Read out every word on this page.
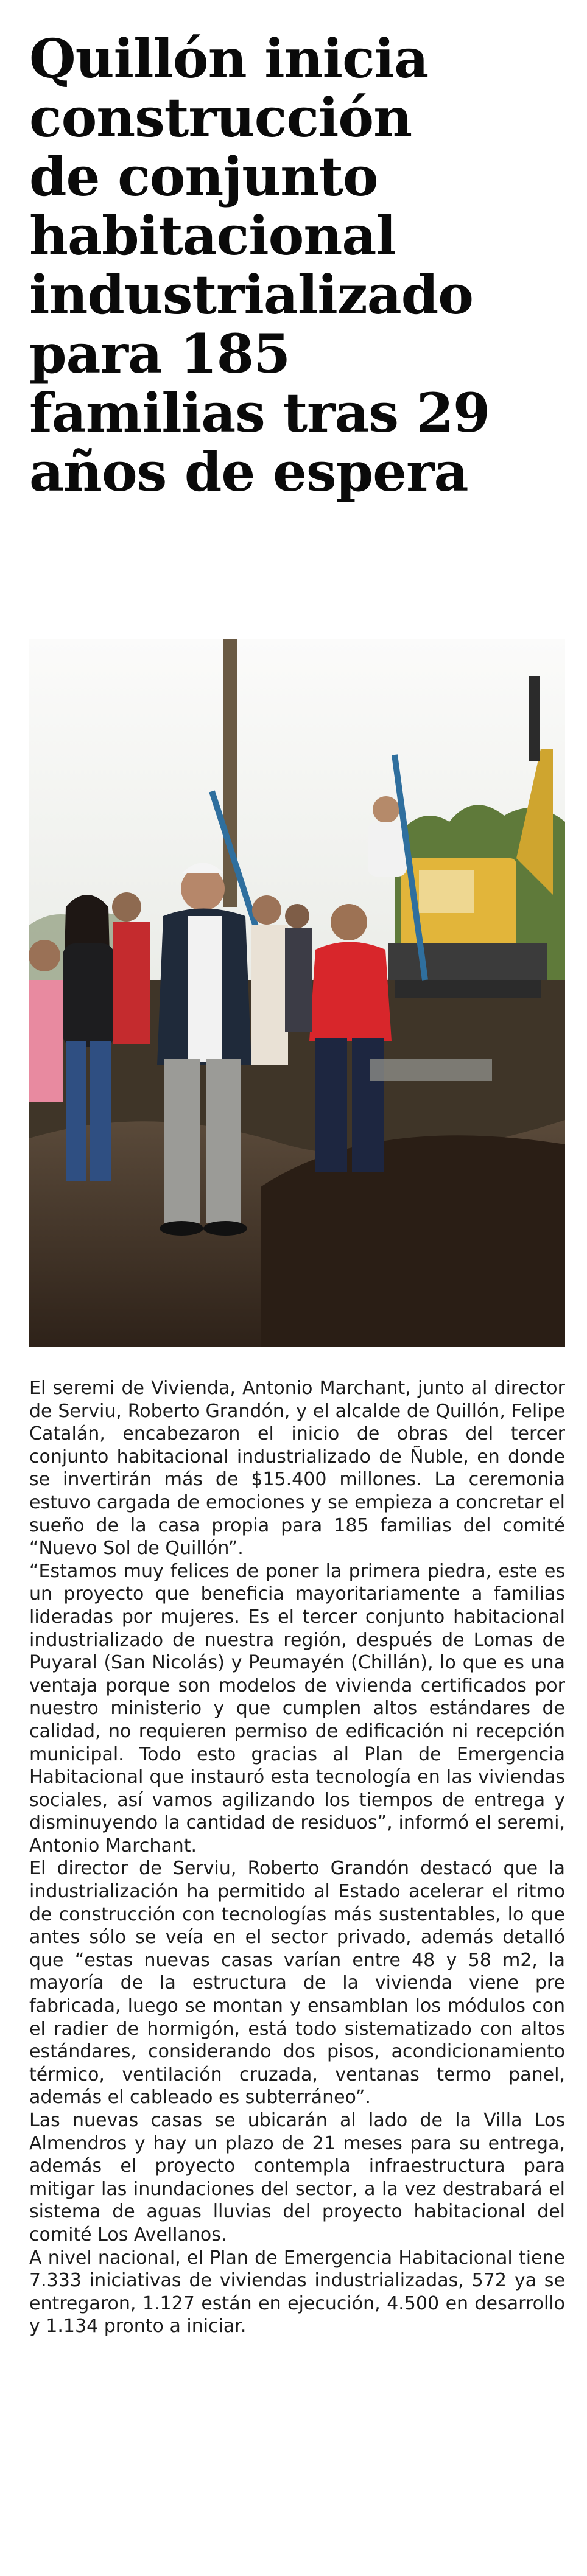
Quillón inicia
construcción
de conjunto
habitacional
industrializado
para 185
familias tras 29
años de espera

El seremi de Vivienda, Antonio Marchant, junto al director de Serviu, Roberto Grandón, y el alcalde de Quillón, Felipe Catalán, encabezaron el inicio de obras del tercer conjunto habitacional industrializado de Ñuble, en donde se invertirán más de $15.400 millones. La ceremonia estuvo cargada de emociones y se empieza a concretar el sueño de la casa propia para 185 familias del comité “Nuevo Sol de Quillón”.

“Estamos muy felices de poner la primera piedra, este es un proyecto que beneficia mayoritariamente a familias lideradas por mujeres. Es el tercer conjunto habitacional industrializado de nuestra región, después de Lomas de Puyaral (San Nicolás) y Peumayén (Chillán), lo que es una ventaja porque son modelos de vivienda certificados por nuestro ministerio y que cumplen altos estándares de calidad, no requieren permiso de edificación ni recepción municipal. Todo esto gracias al Plan de Emergencia Habitacional que instauró esta tecnología en las viviendas sociales, así vamos agilizando los tiempos de entrega y disminuyendo la cantidad de residuos”, informó el seremi, Antonio Marchant.

El director de Serviu, Roberto Grandón destacó que la industrialización ha permitido al Estado acelerar el ritmo de construcción con tecnologías más sustentables, lo que antes sólo se veía en el sector privado, además detalló que “estas nuevas casas varían entre 48 y 58 m2, la mayoría de la estructura de la vivienda viene pre fabricada, luego se montan y ensamblan los módulos con el radier de hormigón, está todo sistematizado con altos estándares, considerando dos pisos, acondicionamiento térmico, ventilación cruzada, ventanas termo panel, además el cableado es subterráneo”.

Las nuevas casas se ubicarán al lado de la Villa Los Almendros y hay un plazo de 21 meses para su entrega, además el proyecto contempla infraestructura para mitigar las inundaciones del sector, a la vez destrabará el sistema de aguas lluvias del proyecto habitacional del comité Los Avellanos.

A nivel nacional, el Plan de Emergencia Habitacional tiene 7.333 iniciativas de viviendas industrializadas, 572 ya se entregaron, 1.127 están en ejecución, 4.500 en desarrollo y 1.134 pronto a iniciar.
